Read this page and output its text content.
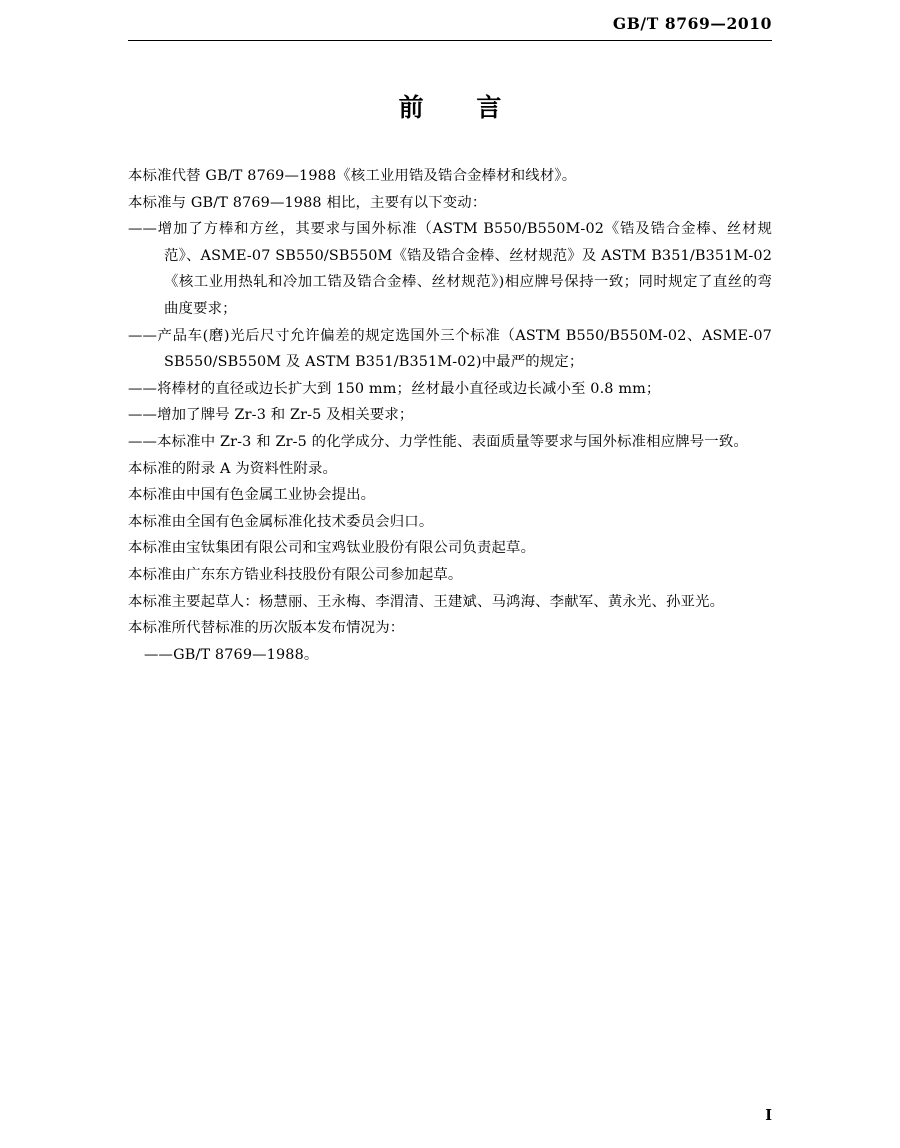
GB/T 8769—2010
前 言
本标准代替 GB/T 8769—1988《核工业用锆及锆合金棒材和线材》。
本标准与 GB/T 8769—1988 相比，主要有以下变动：
——增加了方棒和方丝，其要求与国外标准（ASTM B550/B550M-02《锆及锆合金棒、丝材规范》、ASME-07 SB550/SB550M《锆及锆合金棒、丝材规范》及 ASTM B351/B351M-02《核工业用热轧和冷加工锆及锆合金棒、丝材规范》)相应牌号保持一致；同时规定了直丝的弯曲度要求；
——产品车(磨)光后尺寸允许偏差的规定选国外三个标准（ASTM B550/B550M-02、ASME-07 SB550/SB550M 及 ASTM B351/B351M-02)中最严的规定；
——将棒材的直径或边长扩大到 150 mm；丝材最小直径或边长减小至 0.8 mm；
——增加了牌号 Zr-3 和 Zr-5 及相关要求；
——本标准中 Zr-3 和 Zr-5 的化学成分、力学性能、表面质量等要求与国外标准相应牌号一致。
本标准的附录 A 为资料性附录。
本标准由中国有色金属工业协会提出。
本标准由全国有色金属标准化技术委员会归口。
本标准由宝钛集团有限公司和宝鸡钛业股份有限公司负责起草。
本标准由广东东方锆业科技股份有限公司参加起草。
本标准主要起草人：杨慧丽、王永梅、李渭清、王建斌、马鸿海、李献军、黄永光、孙亚光。
本标准所代替标准的历次版本发布情况为：
——GB/T 8769—1988。
I
